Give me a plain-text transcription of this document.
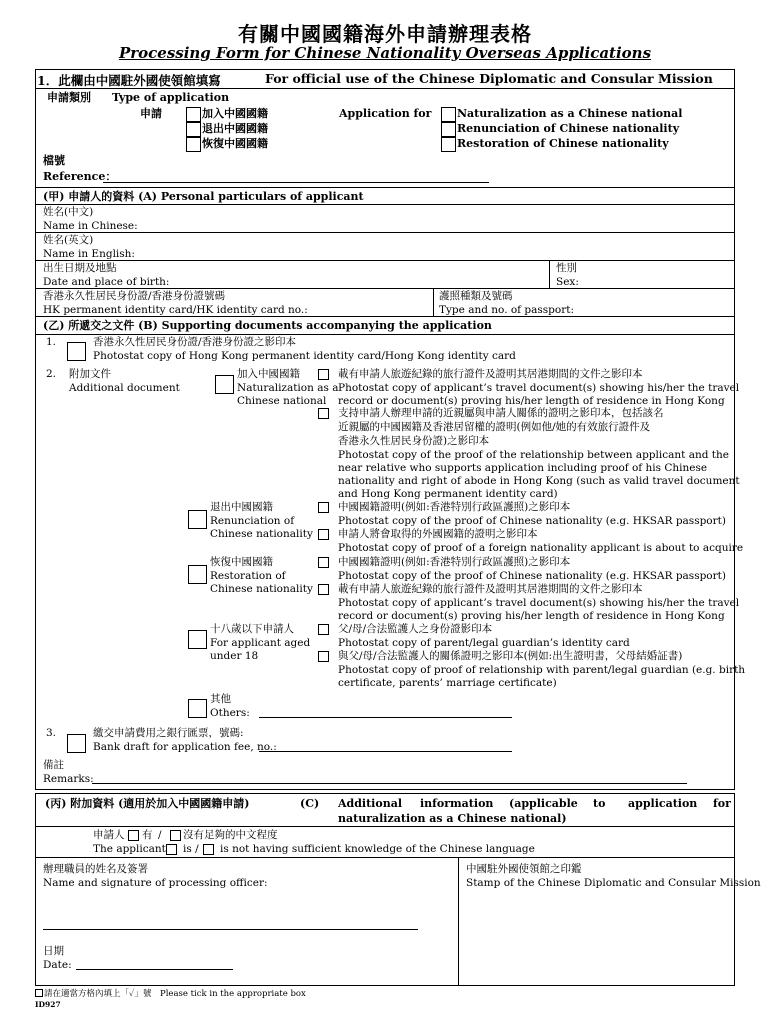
有關中國國籍海外申請辦理表格
Processing Form for Chinese Nationality Overseas Applications
1．此欄由中國駐外國使領館填寫	For official use of the Chinese Diplomatic and Consular Mission
申請類別 Type of application
申請	加入中國國籍
退出中國國籍
恢復中國國籍
Application for Naturalization as a Chinese national
Renunciation of Chinese nationality
Restoration of Chinese nationality
檔號
Reference：
(甲) 申請人的資料 (A) Personal particulars of applicant
姓名(中文)
Name in Chinese:
姓名(英文)
Name in English:
出生日期及地點
Date and place of birth:
性別
Sex:
香港永久性居民身份證/香港身份證號碼
HK permanent identity card/HK identity card no.:
護照種類及號碼
Type and no. of passport:
(乙) 所遞交之文件 (B) Supporting documents accompanying the application
1.	香港永久性居民身份證/香港身份證之影印本
Photostat copy of Hong Kong permanent identity card/Hong Kong identity card
2. 附加文件
Additional document
加入中國國籍
Naturalization as a
Chinese national
載有申請人旅遊紀錄的旅行證件及證明其居港期間的文件之影印本
Photostat copy of applicant’s travel document(s) showing his/her the travel
record or document(s) proving his/her length of residence in Hong Kong
支持申請人辦理申請的近親屬與申請人關係的證明之影印本，包括該名
近親屬的中國國籍及香港居留權的證明(例如他/她的有效旅行證件及
香港永久性居民身份證)之影印本
Photostat copy of the proof of the relationship between applicant and the
near relative who supports application including proof of his Chinese
nationality and right of abode in Hong Kong (such as valid travel document
and Hong Kong permanent identity card)
退出中國國籍
Renunciation of
Chinese nationality
中國國籍證明(例如:香港特別行政區護照)之影印本
Photostat copy of the proof of Chinese nationality (e.g. HKSAR passport)
申請人將會取得的外國國籍的證明之影印本
Photostat copy of proof of a foreign nationality applicant is about to acquire
恢復中國國籍
Restoration of
Chinese nationality
中國國籍證明(例如:香港特別行政區護照)之影印本
Photostat copy of the proof of Chinese nationality (e.g. HKSAR passport)
載有申請人旅遊紀錄的旅行證件及證明其居港期間的文件之影印本
Photostat copy of applicant’s travel document(s) showing his/her the travel
record or document(s) proving his/her length of residence in Hong Kong
十八歲以下申請人
For applicant aged
under 18
父/母/合法監護人之身份證影印本
Photostat copy of parent/legal guardian’s identity card
與父/母/合法監護人的關係證明之影印本(例如:出生證明書，父母結婚証書)
Photostat copy of proof of relationship with parent/legal guardian (e.g. birth
certificate, parents’ marriage certificate)
其他
Others:
3.	繳交申請費用之銀行匯票，號碼:
Bank draft for application fee, no.:
備註
Remarks:
(丙) 附加資料 (適用於加入中國國籍申請)	(C) Additional information (applicable to application for
naturalization as a Chinese national)
申請人 有 / 沒有足夠的中文程度
The applicant is / is not having sufficient knowledge of the Chinese language
辦理職員的姓名及簽署
Name and signature of processing officer:
中國駐外國使領館之印鑑
Stamp of the Chinese Diplomatic and Consular Mission
日期
Date:
請在適當方格內填上「✓」號　Please tick in the appropriate box
ID927
